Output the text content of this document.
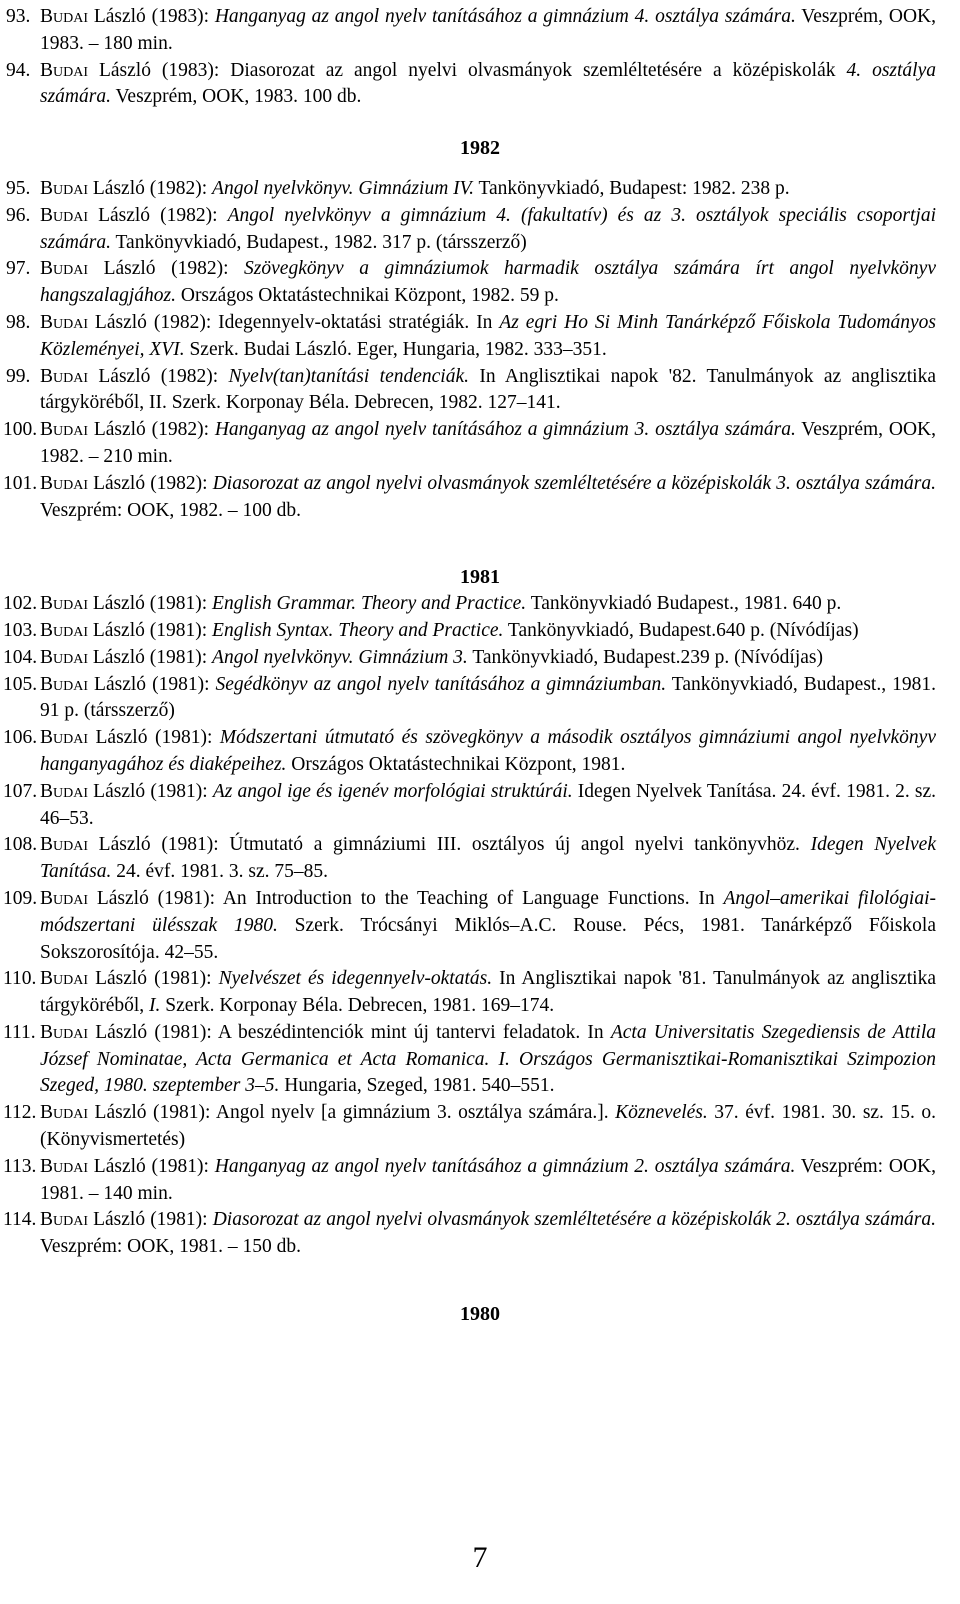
93. Budai László (1983): Hanganyag az angol nyelv tanításához a gimnázium 4. osztálya számára. Veszprém, OOK, 1983. ‒ 180 min.
94. Budai László (1983): Diasorozat az angol nyelvi olvasmányok szemléltetésére a középiskolák 4. osztálya számára. Veszprém, OOK, 1983. 100 db.
1982
95. Budai László (1982): Angol nyelvkönyv. Gimnázium IV. Tankönyvkiadó, Budapest: 1982. 238 p.
96. Budai László (1982): Angol nyelvkönyv a gimnázium 4. (fakultatív) és az 3. osztályok speciális csoportjai számára. Tankönyvkiadó, Budapest., 1982. 317 p. (társszerző)
97. Budai László (1982): Szövegkönyv a gimnáziumok harmadik osztálya számára írt angol nyelvkönyv hangszalagjához. Országos Oktatástechnikai Központ, 1982. 59 p.
98. Budai László (1982): Idegennyelv-oktatási stratégiák. In Az egri Ho Si Minh Tanárképző Főiskola Tudományos Közleményei, XVI. Szerk. Budai László. Eger, Hungaria, 1982. 333‒351.
99. Budai László (1982): Nyelv(tan)tanítási tendenciák. In Anglisztikai napok '82. Tanulmányok az anglisztika tárgyköréből, II. Szerk. Korponay Béla. Debrecen, 1982. 127‒141.
100. Budai László (1982): Hanganyag az angol nyelv tanításához a gimnázium 3. osztálya számára. Veszprém, OOK, 1982. ‒ 210 min.
101. Budai László (1982): Diasorozat az angol nyelvi olvasmányok szemléltetésére a középiskolák 3. osztálya számára. Veszprém: OOK, 1982. ‒ 100 db.
1981
102. Budai László (1981): English Grammar. Theory and Practice. Tankönyvkiadó Budapest., 1981. 640 p.
103. Budai László (1981): English Syntax. Theory and Practice. Tankönyvkiadó, Budapest.640 p. (Nívódíjas)
104. Budai László (1981): Angol nyelvkönyv. Gimnázium 3. Tankönyvkiadó, Budapest.239 p. (Nívódíjas)
105. Budai László (1981): Segédkönyv az angol nyelv tanításához a gimnáziumban. Tankönyvkiadó, Budapest., 1981. 91 p. (társszerző)
106. Budai László (1981): Módszertani útmutató és szövegkönyv a második osztályos gimnáziumi angol nyelvkönyv hanganyagához és diaképeihez. Országos Oktatástechnikai Központ, 1981.
107. Budai László (1981): Az angol ige és igenév morfológiai struktúrái. Idegen Nyelvek Tanítása. 24. évf. 1981. 2. sz. 46‒53.
108. Budai László (1981): Útmutató a gimnáziumi III. osztályos új angol nyelvi tankönyvhöz. Idegen Nyelvek Tanítása. 24. évf. 1981. 3. sz. 75‒85.
109. Budai László (1981): An Introduction to the Teaching of Language Functions. In Angol‒amerikai filológiai-módszertani ülésszak 1980. Szerk. Trócsányi Miklós‒A.C. Rouse. Pécs, 1981. Tanárképző Főiskola Sokszorosítója. 42‒55.
110. Budai László (1981): Nyelvészet és idegennyelv-oktatás. In Anglisztikai napok '81. Tanulmányok az anglisztika tárgyköréből, I. Szerk. Korponay Béla. Debrecen, 1981. 169‒174.
111. Budai László (1981): A beszédintenciók mint új tantervi feladatok. In Acta Universitatis Szegediensis de Attila József Nominatae, Acta Germanica et Acta Romanica. I. Országos Germanisztikai-Romanisztikai Szimpozion Szeged, 1980. szeptember 3‒5. Hungaria, Szeged, 1981. 540‒551.
112. Budai László (1981): Angol nyelv [a gimnázium 3. osztálya számára.]. Köznevelés. 37. évf. 1981. 30. sz. 15. o. (Könyvismertetés)
113. Budai László (1981): Hanganyag az angol nyelv tanításához a gimnázium 2. osztálya számára. Veszprém: OOK, 1981. ‒ 140 min.
114. Budai László (1981): Diasorozat az angol nyelvi olvasmányok szemléltetésére a középiskolák 2. osztálya számára. Veszprém: OOK, 1981. ‒ 150 db.
1980
7
